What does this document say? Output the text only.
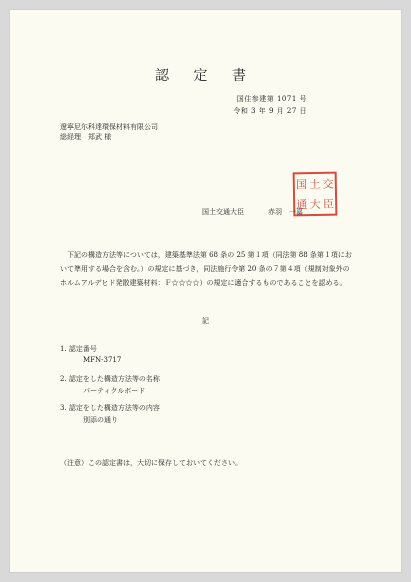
認 定 書
国住参建第 1071 号
令和 3 年 9 月 27 日
遼寧尼尓科達環保材料有限公司
総経理　郑武 様
国 土 交
通 大 臣
国土交通大臣	赤羽　一嘉
　下記の構造方法等については，建築基準法第 68 条の 25 第１項（同法第 88 条第１項にお
いて準用する場合を含む。）の規定に基づき，同法施行令第 20 条の７第４項（規制対象外の
ホルムアルデヒド発散建築材料：Ｆ☆☆☆☆）の規定に適合するものであることを認める。
記
1. 認定番号
MFN-3717
2. 認定をした構造方法等の名称
パーティクルボード
3. 認定をした構造方法等の内容
別添の通り
（注意）この認定書は，大切に保存しておいてください。
